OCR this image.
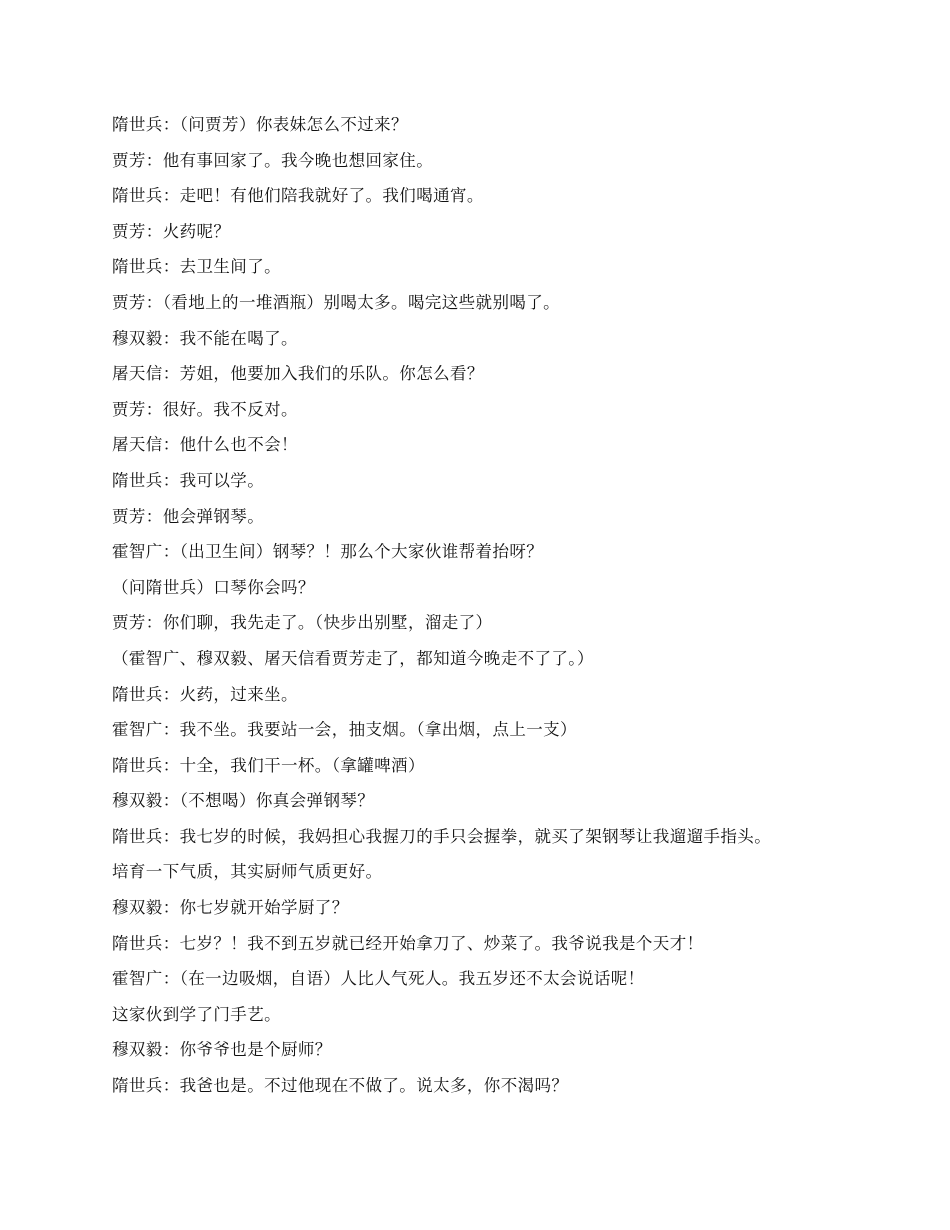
隋世兵：（问贾芳）你表妹怎么不过来？
贾芳：他有事回家了。我今晚也想回家住。
隋世兵：走吧！有他们陪我就好了。我们喝通宵。
贾芳：火药呢？
隋世兵：去卫生间了。
贾芳：（看地上的一堆酒瓶）别喝太多。喝完这些就别喝了。
穆双毅：我不能在喝了。
屠天信：芳姐，他要加入我们的乐队。你怎么看？
贾芳：很好。我不反对。
屠天信：他什么也不会！
隋世兵：我可以学。
贾芳：他会弹钢琴。
霍智广：（出卫生间）钢琴？！那么个大家伙谁帮着抬呀？
（问隋世兵）口琴你会吗？
贾芳：你们聊，我先走了。（快步出别墅，溜走了）
（霍智广、穆双毅、屠天信看贾芳走了，都知道今晚走不了了。）
隋世兵：火药，过来坐。
霍智广：我不坐。我要站一会，抽支烟。（拿出烟，点上一支）
隋世兵：十全，我们干一杯。（拿罐啤酒）
穆双毅：（不想喝）你真会弹钢琴？
隋世兵：我七岁的时候，我妈担心我握刀的手只会握拳，就买了架钢琴让我遛遛手指头。
培育一下气质，其实厨师气质更好。
穆双毅：你七岁就开始学厨了？
隋世兵：七岁？！我不到五岁就已经开始拿刀了、炒菜了。我爷说我是个天才！
霍智广：（在一边吸烟，自语）人比人气死人。我五岁还不太会说话呢！
这家伙到学了门手艺。
穆双毅：你爷爷也是个厨师？
隋世兵：我爸也是。不过他现在不做了。说太多，你不渴吗？
